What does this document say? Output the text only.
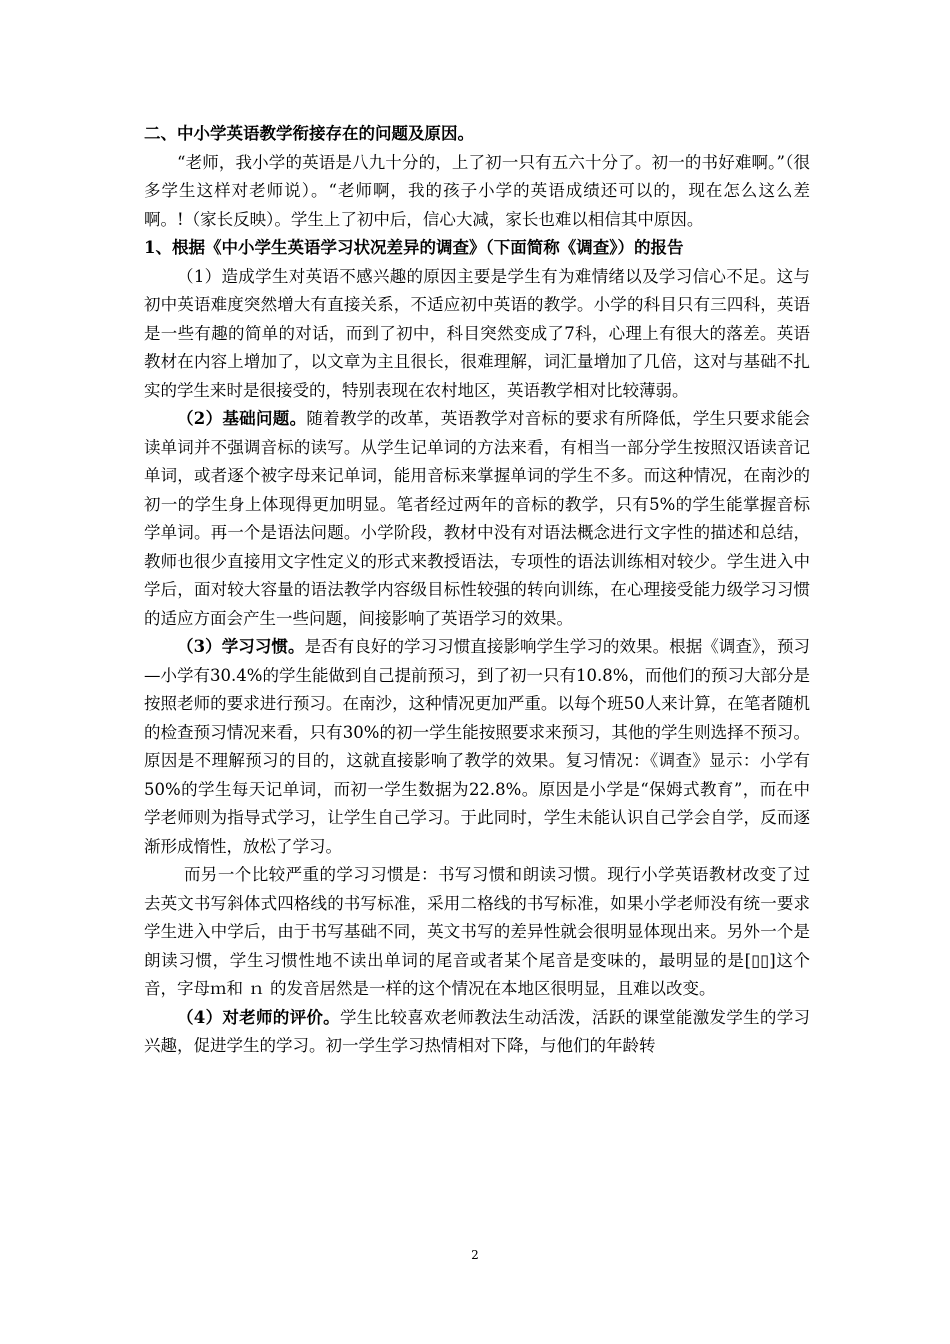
二、中小学英语教学衔接存在的问题及原因。

“老师，我小学的英语是八九十分的，上了初一只有五六十分了。初一的书好难啊。”（很多学生这样对老师说）。“老师啊，我的孩子小学的英语成绩还可以的，现在怎么这么差啊。!（家长反映）。学生上了初中后，信心大减，家长也难以相信其中原因。

1、根据《中小学生英语学习状况差异的调查》（下面简称《调查》）的报告

（1）造成学生对英语不感兴趣的原因主要是学生有为难情绪以及学习信心不足。这与初中英语难度突然增大有直接关系，不适应初中英语的教学。小学的科目只有三四科，英语是一些有趣的简单的对话，而到了初中，科目突然变成了7科，心理上有很大的落差。英语教材在内容上增加了，以文章为主且很长，很难理解，词汇量增加了几倍，这对与基础不扎实的学生来时是很接受的，特别表现在农村地区，英语教学相对比较薄弱。

（2）基础问题。随着教学的改革，英语教学对音标的要求有所降低，学生只要求能会读单词并不强调音标的读写。从学生记单词的方法来看，有相当一部分学生按照汉语读音记单词，或者逐个被字母来记单词，能用音标来掌握单词的学生不多。而这种情况，在南沙的初一的学生身上体现得更加明显。笔者经过两年的音标的教学，只有5%的学生能掌握音标学单词。再一个是语法问题。小学阶段，教材中没有对语法概念进行文字性的描述和总结，教师也很少直接用文字性定义的形式来教授语法，专项性的语法训练相对较少。学生进入中学后，面对较大容量的语法教学内容级目标性较强的转向训练，在心理接受能力级学习习惯的适应方面会产生一些问题，间接影响了英语学习的效果。

（3）学习习惯。是否有良好的学习习惯直接影响学生学习的效果。根据《调查》，预习—小学有30.4%的学生能做到自己提前预习，到了初一只有10.8%，而他们的预习大部分是按照老师的要求进行预习。在南沙，这种情况更加严重。以每个班50人来计算，在笔者随机的检查预习情况来看，只有30%的初一学生能按照要求来预习，其他的学生则选择不预习。原因是不理解预习的目的，这就直接影响了教学的效果。复习情况：《调查》显示：小学有50%的学生每天记单词，而初一学生数据为22.8%。原因是小学是“保姆式教育”，而在中学老师则为指导式学习，让学生自己学习。于此同时，学生未能认识自己学会自学，反而逐渐形成惰性，放松了学习。

而另一个比较严重的学习习惯是：书写习惯和朗读习惯。现行小学英语教材改变了过去英文书写斜体式四格线的书写标准，采用二格线的书写标准，如果小学老师没有统一要求学生进入中学后，由于书写基础不同，英文书写的差异性就会很明显体现出来。另外一个是朗读习惯，学生习惯性地不读出单词的尾音或者某个尾音是变味的，最明显的是[▯▯]这个音，字母ｍ和 ｎ 的发音居然是一样的这个情况在本地区很明显，且难以改变。

（4）对老师的评价。学生比较喜欢老师教法生动活泼，活跃的课堂能激发学生的学习兴趣，促进学生的学习。初一学生学习热情相对下降，与他们的年龄转

2
